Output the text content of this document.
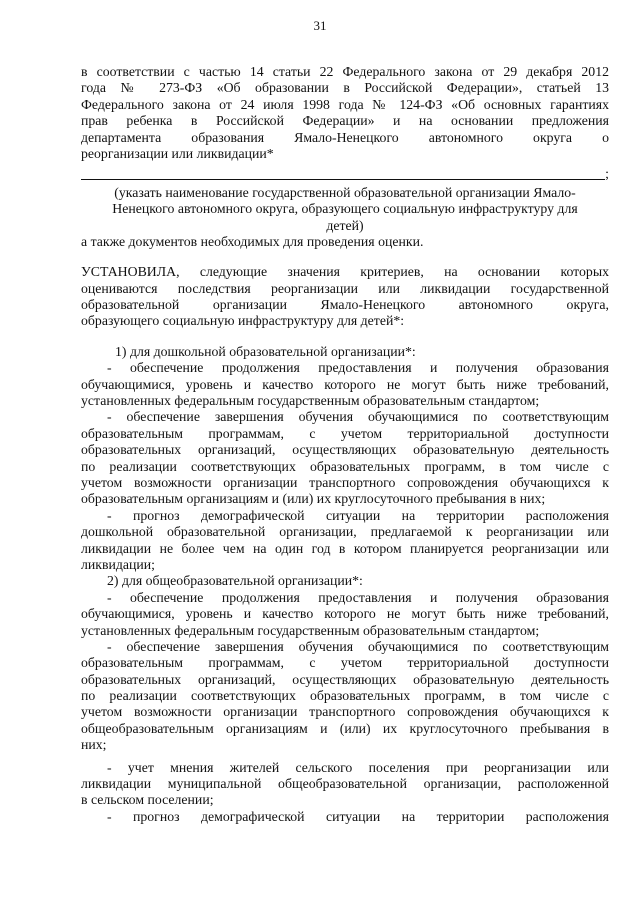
31
в соответствии с частью 14 статьи 22 Федерального закона от 29 декабря 2012
года № 273-ФЗ «Об образовании в Российской Федерации», статьей 13
Федерального закона от 24 июля 1998 года № 124-ФЗ «Об основных гарантиях
прав ребенка в Российской Федерации» и на основании предложения
департамента образования Ямало-Ненецкого автономного округа о
реорганизации или ликвидации*
;
(указать наименование государственной образовательной организации Ямало-
Ненецкого автономного округа, образующего социальную инфраструктуру для
детей)
а также документов необходимых для проведения оценки.
УСТАНОВИЛА, следующие значения критериев, на основании которых
оцениваются последствия реорганизации или ликвидации государственной
образовательной организации Ямало-Ненецкого автономного округа,
образующего социальную инфраструктуру для детей*:
1) для дошкольной образовательной организации*:
- обеспечение продолжения предоставления и получения образования
обучающимися, уровень и качество которого не могут быть ниже требований,
установленных федеральным государственным образовательным стандартом;
- обеспечение завершения обучения обучающимися по соответствующим
образовательным программам, с учетом территориальной доступности
образовательных организаций, осуществляющих образовательную деятельность
по реализации соответствующих образовательных программ, в том числе с
учетом возможности организации транспортного сопровождения обучающихся к
образовательным организациям и (или) их круглосуточного пребывания в них;
- прогноз демографической ситуации на территории расположения
дошкольной образовательной организации, предлагаемой к реорганизации или
ликвидации не более чем на один год в котором планируется реорганизации или
ликвидации;
2) для общеобразовательной организации*:
- обеспечение продолжения предоставления и получения образования
обучающимися, уровень и качество которого не могут быть ниже требований,
установленных федеральным государственным образовательным стандартом;
- обеспечение завершения обучения обучающимися по соответствующим
образовательным программам, с учетом территориальной доступности
образовательных организаций, осуществляющих образовательную деятельность
по реализации соответствующих образовательных программ, в том числе с
учетом возможности организации транспортного сопровождения обучающихся к
общеобразовательным организациям и (или) их круглосуточного пребывания в
них;
- учет мнения жителей сельского поселения при реорганизации или
ликвидации муниципальной общеобразовательной организации, расположенной
в сельском поселении;
- прогноз демографической ситуации на территории расположения
